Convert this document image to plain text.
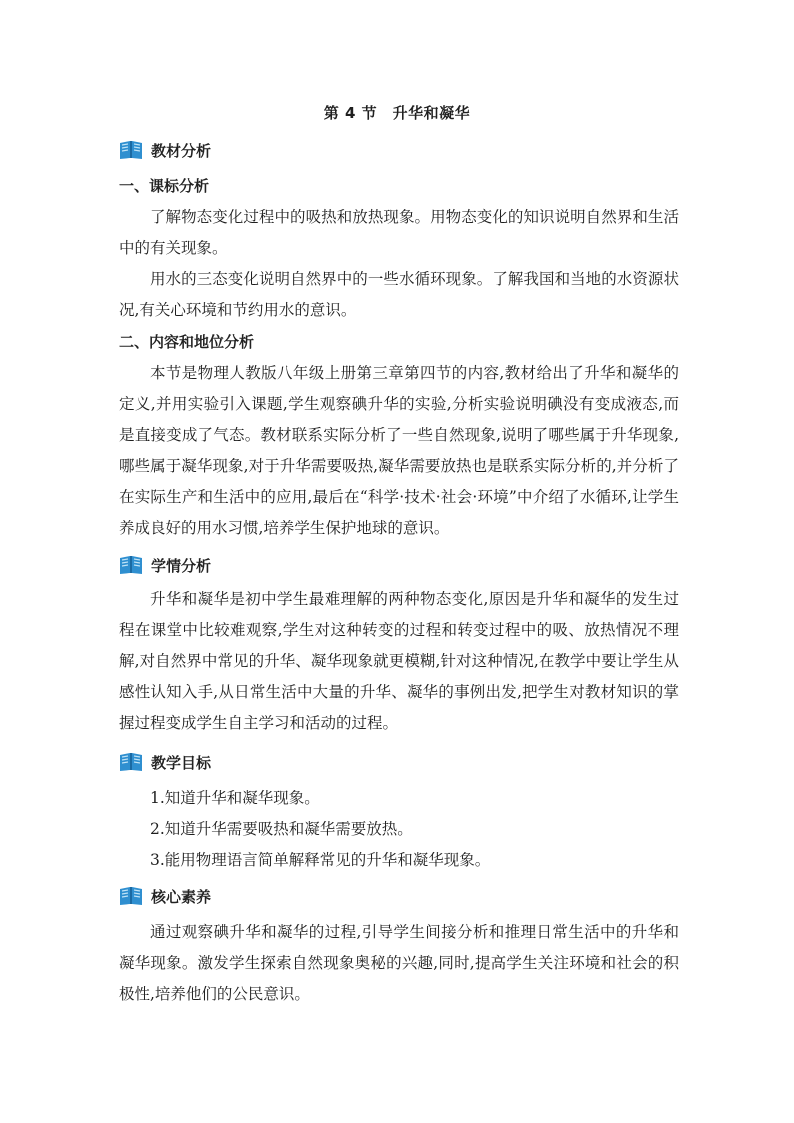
第 4 节　升华和凝华
教材分析
一、课标分析

了解物态变化过程中的吸热和放热现象。用物态变化的知识说明自然界和生活中的有关现象。

用水的三态变化说明自然界中的一些水循环现象。了解我国和当地的水资源状况,有关心环境和节约用水的意识。

二、内容和地位分析

本节是物理人教版八年级上册第三章第四节的内容,教材给出了升华和凝华的定义,并用实验引入课题,学生观察碘升华的实验,分析实验说明碘没有变成液态,而是直接变成了气态。教材联系实际分析了一些自然现象,说明了哪些属于升华现象,哪些属于凝华现象,对于升华需要吸热,凝华需要放热也是联系实际分析的,并分析了在实际生产和生活中的应用,最后在“科学·技术·社会·环境”中介绍了水循环,让学生养成良好的用水习惯,培养学生保护地球的意识。

学情分析

升华和凝华是初中学生最难理解的两种物态变化,原因是升华和凝华的发生过程在课堂中比较难观察,学生对这种转变的过程和转变过程中的吸、放热情况不理解,对自然界中常见的升华、凝华现象就更模糊,针对这种情况,在教学中要让学生从感性认知入手,从日常生活中大量的升华、凝华的事例出发,把学生对教材知识的掌握过程变成学生自主学习和活动的过程。

教学目标
1.知道升华和凝华现象。
2.知道升华需要吸热和凝华需要放热。
3.能用物理语言简单解释常见的升华和凝华现象。
核心素养

通过观察碘升华和凝华的过程,引导学生间接分析和推理日常生活中的升华和凝华现象。激发学生探索自然现象奥秘的兴趣,同时,提高学生关注环境和社会的积极性,培养他们的公民意识。
